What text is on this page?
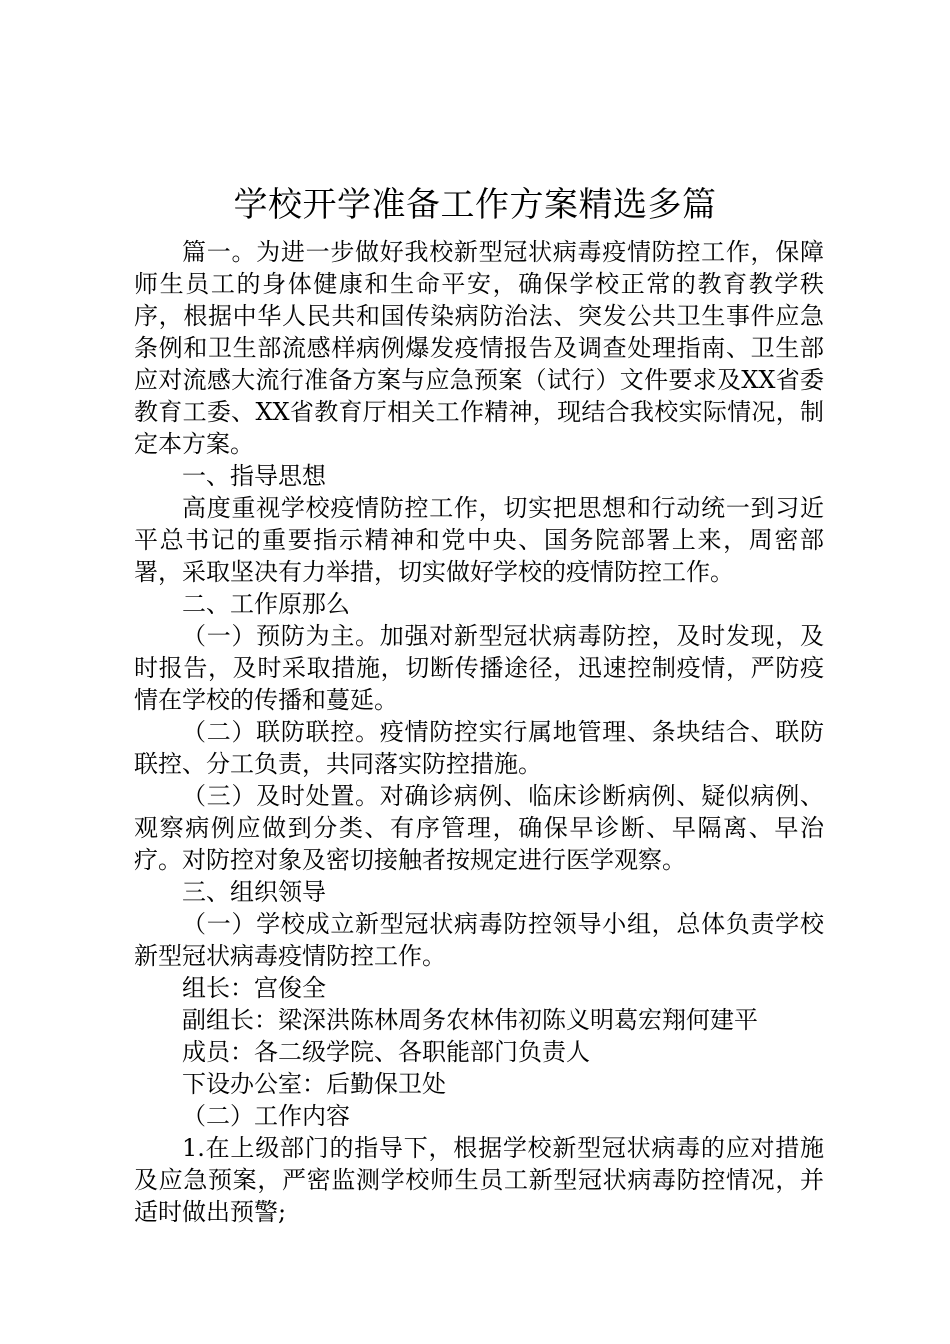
学校开学准备工作方案精选多篇

篇一。为进一步做好我校新型冠状病毒疫情防控工作，保障师生员工的身体健康和生命平安，确保学校正常的教育教学秩序，根据中华人民共和国传染病防治法、突发公共卫生事件应急条例和卫生部流感样病例爆发疫情报告及调查处理指南、卫生部应对流感大流行准备方案与应急预案（试行）文件要求及XX省委教育工委、XX省教育厅相关工作精神，现结合我校实际情况，制定本方案。

一、指导思想

高度重视学校疫情防控工作，切实把思想和行动统一到习近平总书记的重要指示精神和党中央、国务院部署上来，周密部署，采取坚决有力举措，切实做好学校的疫情防控工作。

二、工作原那么

（一）预防为主。加强对新型冠状病毒防控，及时发现，及时报告，及时采取措施，切断传播途径，迅速控制疫情，严防疫情在学校的传播和蔓延。

（二）联防联控。疫情防控实行属地管理、条块结合、联防联控、分工负责，共同落实防控措施。

（三）及时处置。对确诊病例、临床诊断病例、疑似病例、观察病例应做到分类、有序管理，确保早诊断、早隔离、早治疗。对防控对象及密切接触者按规定进行医学观察。

三、组织领导

（一）学校成立新型冠状病毒防控领导小组，总体负责学校新型冠状病毒疫情防控工作。

组长：宫俊全

副组长：梁深洪陈林周务农林伟初陈义明葛宏翔何建平

成员：各二级学院、各职能部门负责人

下设办公室：后勤保卫处

（二）工作内容

1.在上级部门的指导下，根据学校新型冠状病毒的应对措施及应急预案，严密监测学校师生员工新型冠状病毒防控情况，并适时做出预警;
